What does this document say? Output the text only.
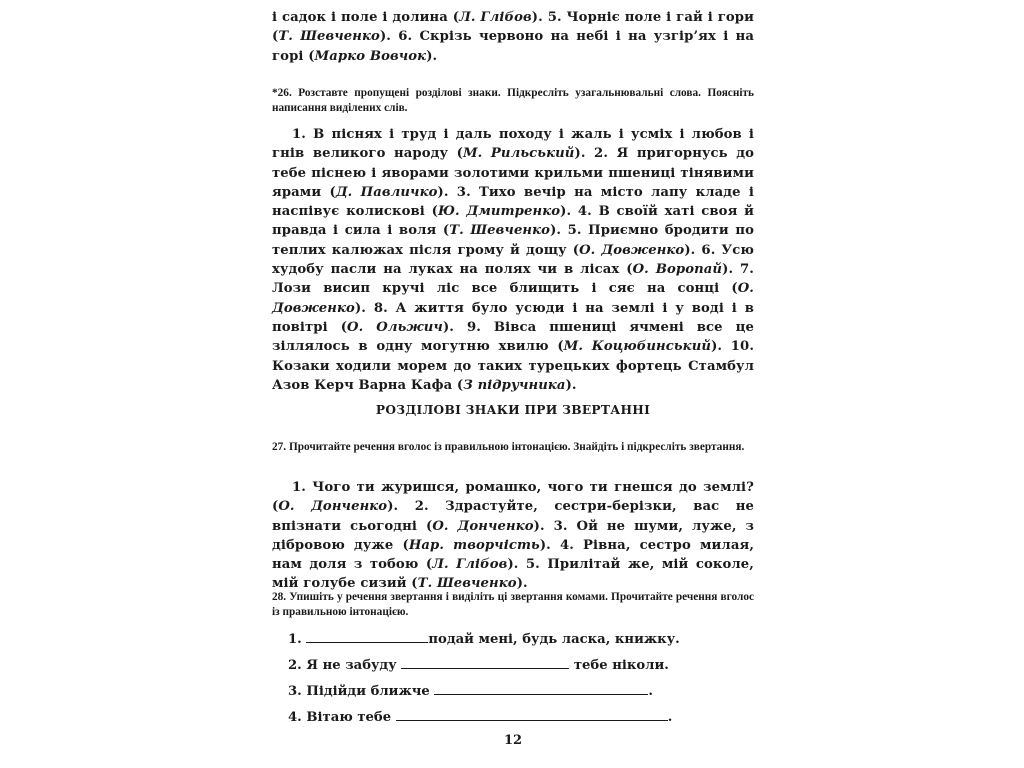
і садок і поле і долина (Л. Глібов). 5. Чорніє поле і гай і гори (Т. Шевченко). 6. Скрізь червоно на небі і на узгір’ях і на горі (Марко Вовчок).

*26. Розставте пропущені розділові знаки. Підкресліть узагальнювальні слова. Поясніть написання виділених слів.

1. В піснях і труд і даль походу і жаль і усміх і любов і гнів великого народу (М. Рильський). 2. Я пригорнусь до тебе піснею і яворами золотими крильми пшениці тінявими ярами (Д. Павличко). 3. Тихо вечір на місто лапу кладе і наспівує колискові (Ю. Дмитренко). 4. В своїй хаті своя й правда і сила і воля (Т. Шевченко). 5. Приємно бродити по теплих калюжах після грому й дощу (О. Довженко). 6. Усю худобу пасли на луках на полях чи в лісах (О. Воропай). 7. Лози висип кручі ліс все блищить і сяє на сонці (О. Довженко). 8. А життя було усюди і на землі і у воді і в повітрі (О. Ольжич). 9. Вівса пшениці ячмені все це зіллялось в одну могутню хвилю (М. Коцюбинський). 10. Козаки ходили морем до таких турецьких фортець Стамбул Азов Керч Варна Кафа (З підручника).

РОЗДІЛОВІ ЗНАКИ ПРИ ЗВЕРТАННІ

27. Прочитайте речення вголос із правильною інтонацією. Знайдіть і підкресліть звертання.

1. Чого ти журишся, ромашко, чого ти гнешся до землі? (О. Донченко). 2. Здрастуйте, сестри-берізки, вас не впізнати сьогодні (О. Донченко). 3. Ой не шуми, луже, з дібровою дуже (Нар. творчість). 4. Рівна, сестро милая, нам доля з тобою (Л. Глібов). 5. Прилітай же, мій соколе, мій голубе сизий (Т. Шевченко).

28. Упишіть у речення звертання і виділіть ці звертання комами. Прочитайте речення вголос із правильною інтонацією.

1.	подай мені, будь ласка, книжку.
2. Я не забуду	тебе ніколи.
3. Підійди ближче	.
4. Вітаю тебе	.
12
